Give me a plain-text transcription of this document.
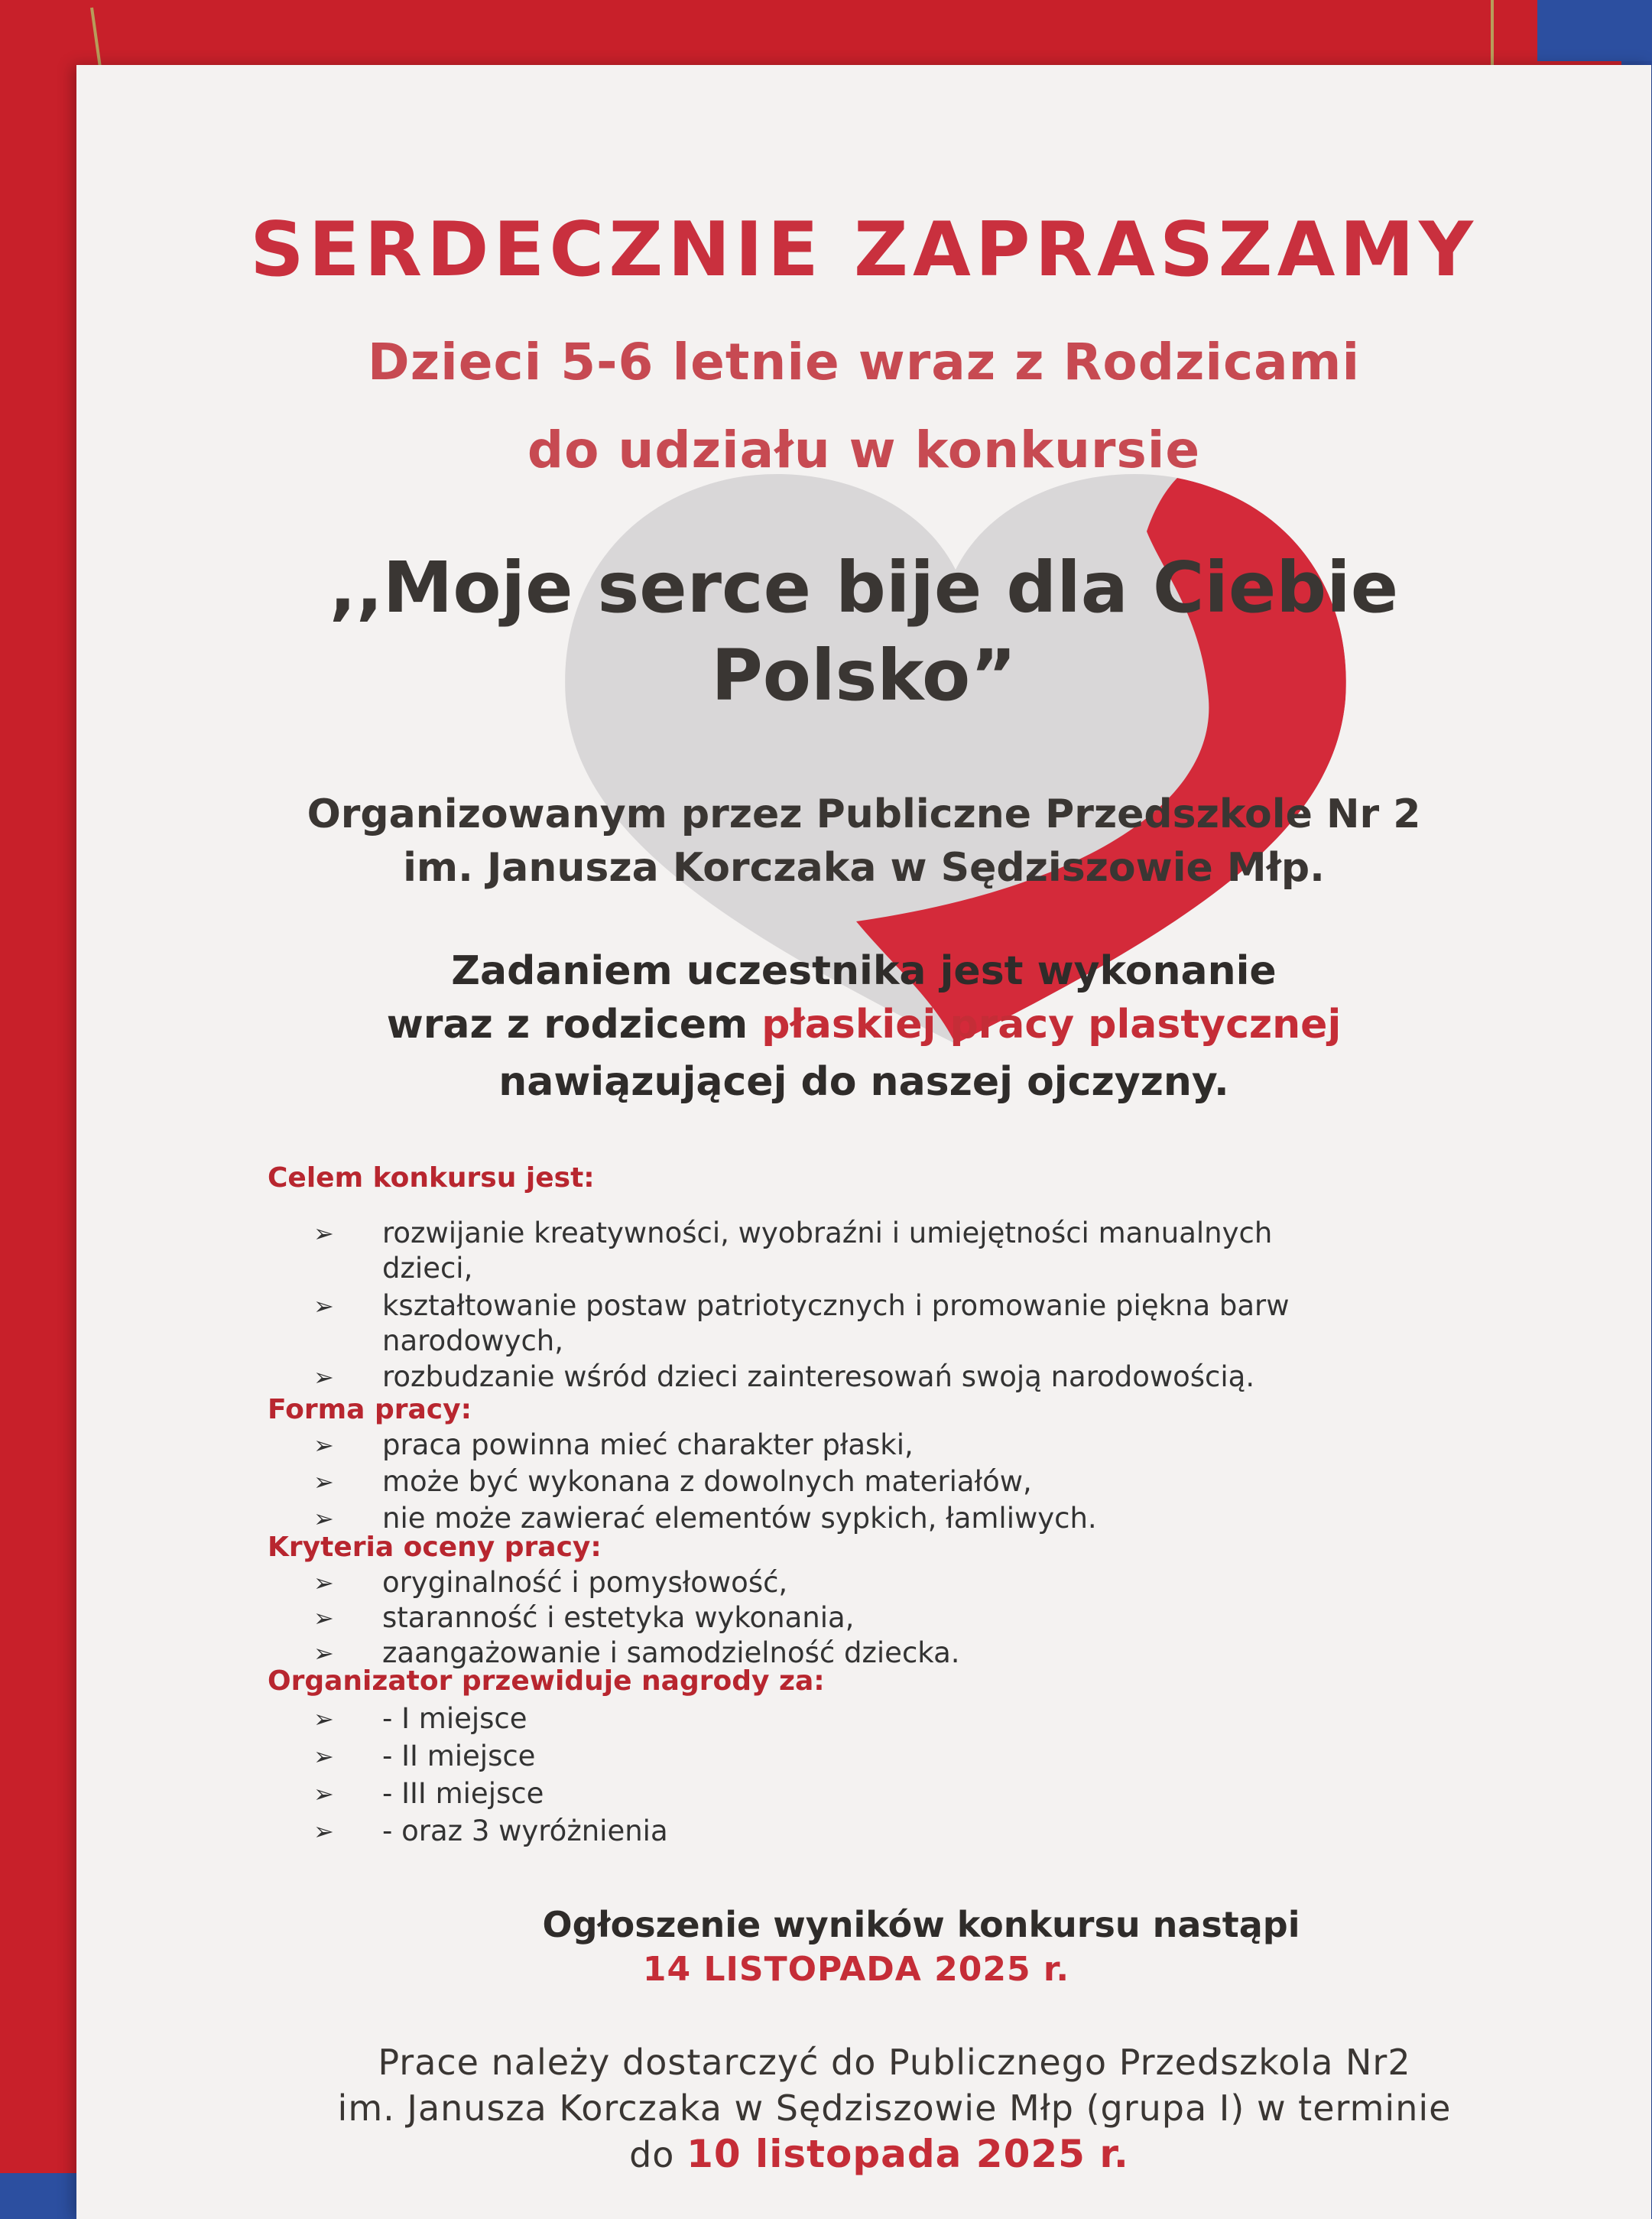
SERDECZNIE ZAPRASZAMY
Dzieci 5-6 letnie wraz z Rodzicami
do udziału w konkursie
,,Moje serce bije dla Ciebie
Polsko”
Organizowanym przez Publiczne Przedszkole Nr 2
im. Janusza Korczaka w Sędziszowie Młp.
Zadaniem uczestnika jest wykonanie
wraz z rodzicem płaskiej pracy plastycznej
nawiązującej do naszej ojczyzny.
Celem konkursu jest:
➢	rozwijanie kreatywności, wyobraźni i umiejętności manualnych dzieci,
➢	kształtowanie postaw patriotycznych i promowanie piękna barw narodowych,
➢	rozbudzanie wśród dzieci zainteresowań swoją narodowością.
Forma pracy:
➢	praca powinna mieć charakter płaski,
➢	może być wykonana z dowolnych materiałów,
➢	nie może zawierać elementów sypkich, łamliwych.
Kryteria oceny pracy:
➢	oryginalność i pomysłowość,
➢	staranność i estetyka wykonania,
➢	zaangażowanie i samodzielność dziecka.
Organizator przewiduje nagrody za:
➢	- I miejsce
➢	- II miejsce
➢	- III miejsce
➢	- oraz 3 wyróżnienia
Ogłoszenie wyników konkursu nastąpi
14 LISTOPADA 2025 r.
Prace należy dostarczyć do Publicznego Przedszkola Nr2
im. Janusza Korczaka w Sędziszowie Młp (grupa I) w terminie
do 10 listopada 2025 r.
